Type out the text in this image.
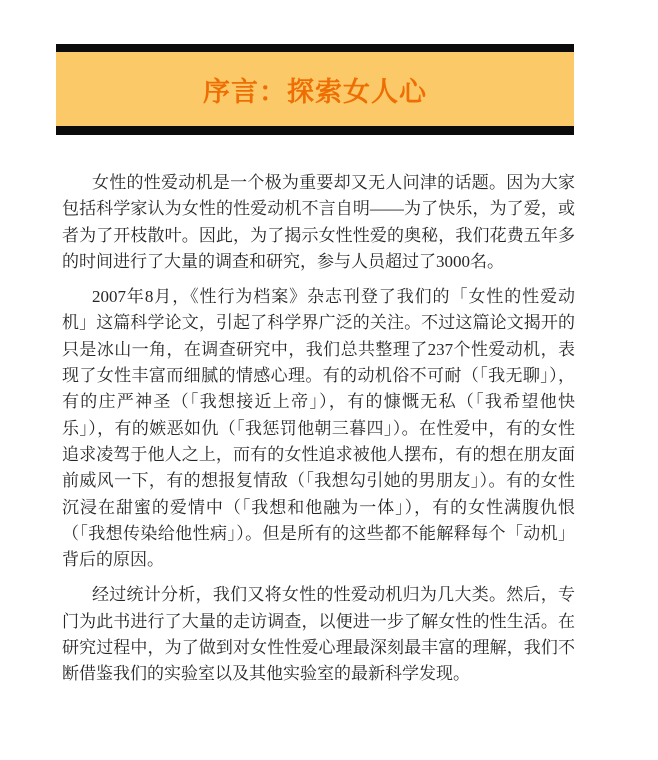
序言：探索女人心

女性的性爱动机是一个极为重要却又无人问津的话题。因为大家包括科学家认为女性的性爱动机不言自明——为了快乐，为了爱，或者为了开枝散叶。因此，为了揭示女性性爱的奥秘，我们花费五年多的时间进行了大量的调查和研究，参与人员超过了3000名。

2007年8月，《性行为档案》杂志刊登了我们的「女性的性爱动机」这篇科学论文，引起了科学界广泛的关注。不过这篇论文揭开的只是冰山一角，在调查研究中，我们总共整理了237个性爱动机，表现了女性丰富而细腻的情感心理。有的动机俗不可耐（「我无聊」），有的庄严神圣（「我想接近上帝」），有的慷慨无私（「我希望他快乐」），有的嫉恶如仇（「我惩罚他朝三暮四」）。在性爱中，有的女性追求凌驾于他人之上，而有的女性追求被他人摆布，有的想在朋友面前威风一下，有的想报复情敌（「我想勾引她的男朋友」）。有的女性沉浸在甜蜜的爱情中（「我想和他融为一体」），有的女性满腹仇恨（「我想传染给他性病」）。但是所有的这些都不能解释每个「动机」背后的原因。

经过统计分析，我们又将女性的性爱动机归为几大类。然后，专门为此书进行了大量的走访调查，以便进一步了解女性的性生活。在研究过程中，为了做到对女性性爱心理最深刻最丰富的理解，我们不断借鉴我们的实验室以及其他实验室的最新科学发现。
